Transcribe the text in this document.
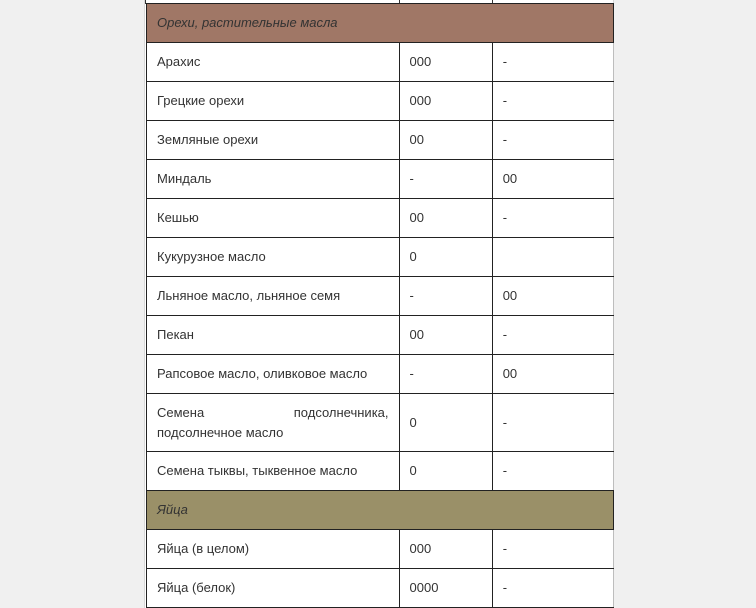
Орехи, растительные масла		
Арахис	000	-
Грецкие орехи	000	-
Земляные орехи	00	-
Миндаль	-	00
Кешью	00	-
Кукурузное масло	0	
Льняное масло, льняное семя	-	00
Пекан	00	-
Рапсовое масло, оливковое масло	-	00
Семена подсолнечника, подсолнечное масло	0	-
Семена тыквы, тыквенное масло	0	-
Яйца		
Яйца (в целом)	000	-
Яйца (белок)	0000	-
